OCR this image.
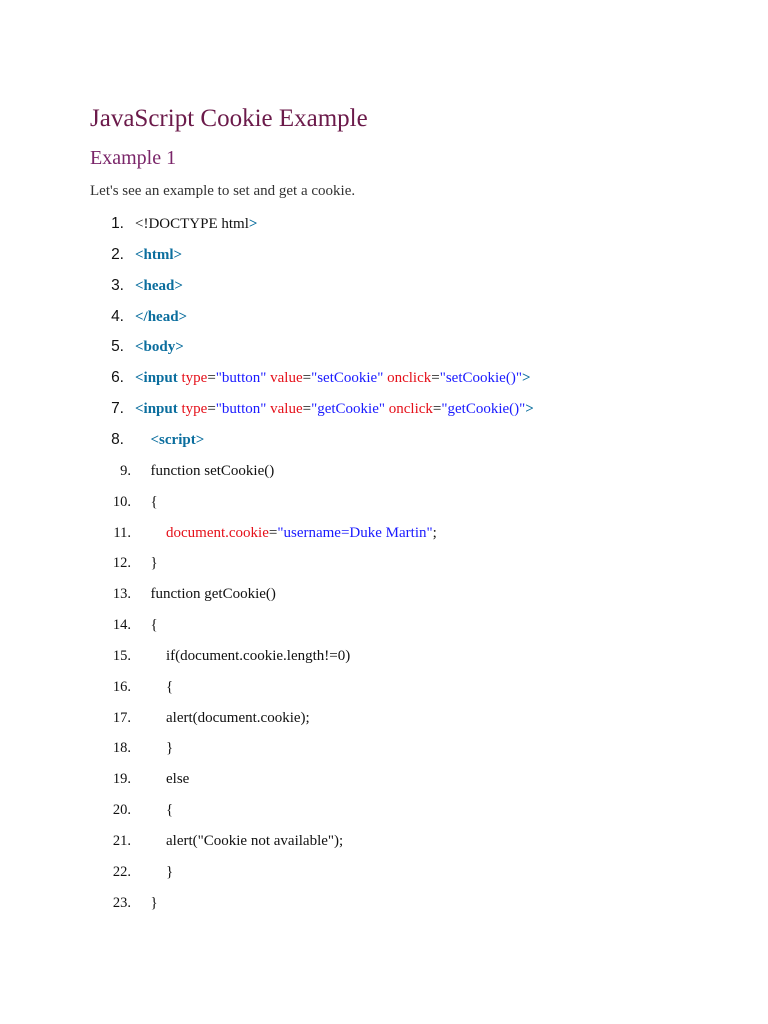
JavaScript Cookie Example
Example 1

Let's see an example to set and get a cookie.

1. <!DOCTYPE html>
2. <html>
3. <head>
4. </head>
5. <body>
6. <input type="button" value="setCookie" onclick="setCookie()">
7. <input type="button" value="getCookie" onclick="getCookie()">
8. <script>
9. function setCookie()
10. {
11. document.cookie="username=Duke Martin";
12. }
13. function getCookie()
14. {
15. if(document.cookie.length!=0)
16. {
17. alert(document.cookie);
18. }
19. else
20. {
21. alert("Cookie not available");
22. }
23. }
